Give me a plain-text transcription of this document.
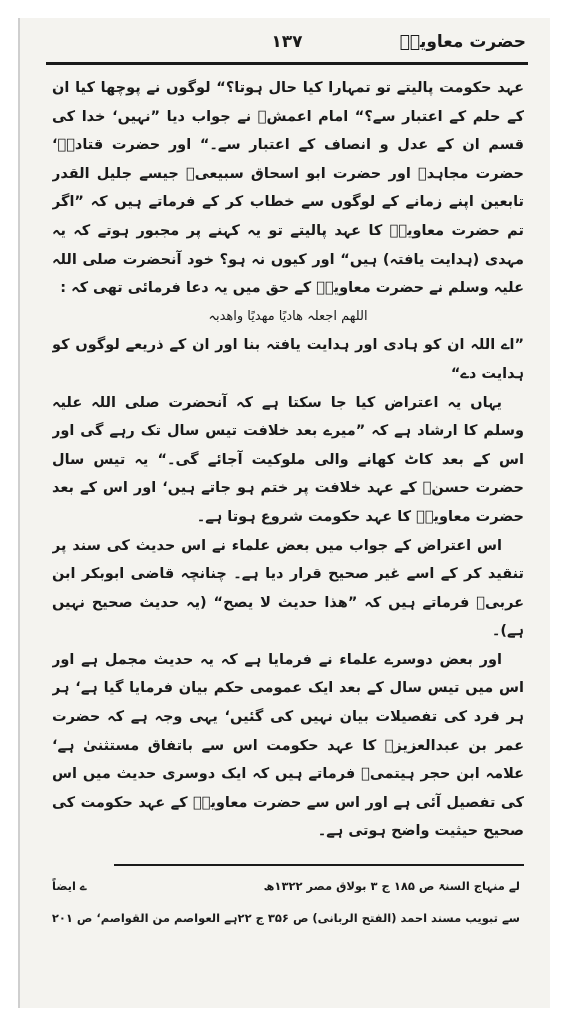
حضرت معاویہؓ
۱۳۷

عہد حکومت پالیتے تو تمہارا کیا حال ہوتا؟“ لوگوں نے پوچھا کیا ان کے حلم کے اعتبار سے؟“ امام اعمشؒ نے جواب دیا ”نہیں‘ خدا کی قسم ان کے عدل و انصاف کے اعتبار سے۔“ اور حضرت قتادہؒ‘ حضرت مجاہدؒ اور حضرت ابو اسحاق سبیعیؒ جیسے جلیل القدر تابعین اپنے زمانے کے لوگوں سے خطاب کر کے فرماتے ہیں کہ ”اگر تم حضرت معاویہؓ کا عہد پالیتے تو یہ کہنے پر مجبور ہوتے کہ یہ مہدی (ہدایت یافتہ) ہیں“ اور کیوں نہ ہو؟ خود آنحضرت صلی اللہ علیہ وسلم نے حضرت معاویہؓ کے حق میں یہ دعا فرمائی تھی کہ :

اللھم اجعلہ ھادیًا مھدیًا واھدبہ

”اے اللہ ان کو ہادی اور ہدایت یافتہ بنا اور ان کے ذریعے لوگوں کو ہدایت دے“

یہاں یہ اعتراض کیا جا سکتا ہے کہ آنحضرت صلی اللہ علیہ وسلم کا ارشاد ہے کہ ”میرے بعد خلافت تیس سال تک رہے گی اور اس کے بعد کاٹ کھانے والی ملوکیت آجائے گی۔“ یہ تیس سال حضرت حسنؓ کے عہد خلافت پر ختم ہو جاتے ہیں‘ اور اس کے بعد حضرت معاویہؓ کا عہد حکومت شروع ہوتا ہے۔

اس اعتراض کے جواب میں بعض علماء نے اس حدیث کی سند پر تنقید کر کے اسے غیر صحیح قرار دیا ہے۔ چنانچہ قاضی ابوبکر ابن عربیؒ فرماتے ہیں کہ ”ھذا حدیث لا یصح“ (یہ حدیث صحیح نہیں ہے)۔

اور بعض دوسرے علماء نے فرمایا ہے کہ یہ حدیث مجمل ہے اور اس میں تیس سال کے بعد ایک عمومی حکم بیان فرمایا گیا ہے‘ ہر ہر فرد کی تفصیلات بیان نہیں کی گئیں‘ یہی وجہ ہے کہ حضرت عمر بن عبدالعزیزؒ کا عہد حکومت اس سے باتفاق مستثنیٰ ہے‘ علامہ ابن حجر ہیتمیؒ فرماتے ہیں کہ ایک دوسری حدیث میں اس کی تفصیل آئی ہے اور اس سے حضرت معاویہؓ کے عہد حکومت کی صحیح حیثیت واضح ہوتی ہے۔

لے منہاج السنۃ ص ۱۸۵ ج ۳ بولاق مصر ۱۳۲۲ھ
ے ایضاً
سے تبویب مسند احمد (الفتح الربانی) ص ۳۵۶ ج ۲۲
ہے العواصم من القواصم‘ ص ۲۰۱
